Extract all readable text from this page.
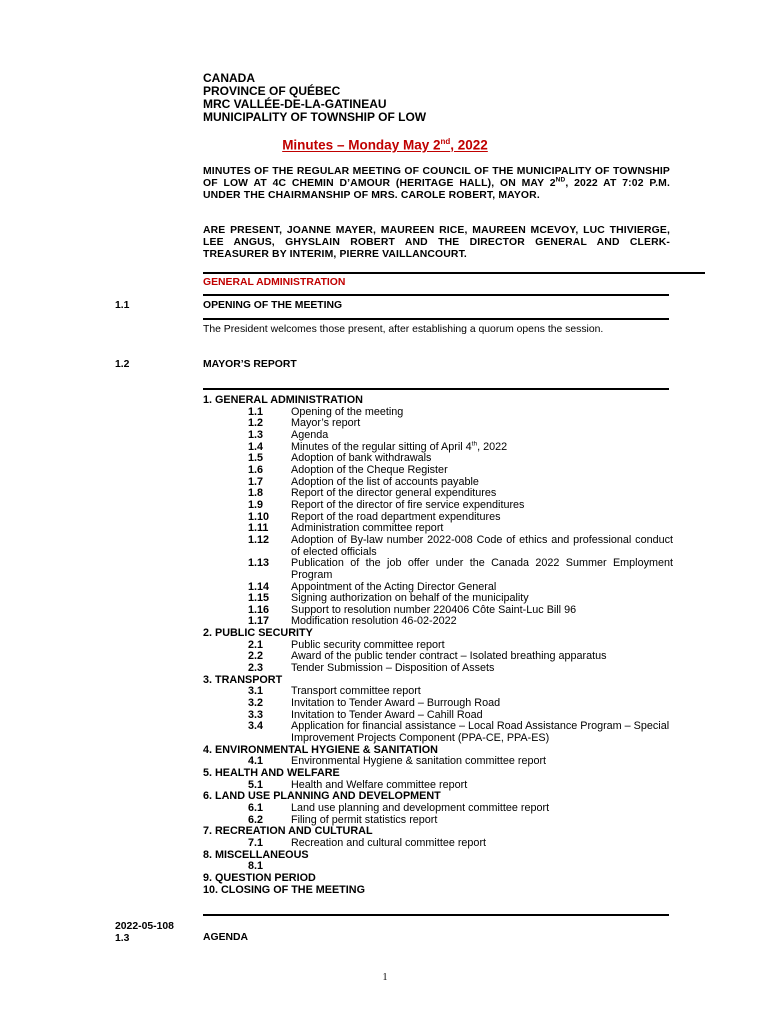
CANADA
PROVINCE OF QUÉBEC
MRC VALLÉE-DE-LA-GATINEAU
MUNICIPALITY OF TOWNSHIP OF LOW
Minutes – Monday May 2nd, 2022
MINUTES OF THE REGULAR MEETING OF COUNCIL OF THE MUNICIPALITY OF TOWNSHIP OF LOW AT 4C CHEMIN D’AMOUR (HERITAGE HALL), ON MAY 2ND, 2022 AT 7:02 P.M. UNDER THE CHAIRMANSHIP OF MRS. CAROLE ROBERT, MAYOR.
ARE PRESENT, JOANNE MAYER, MAUREEN RICE, MAUREEN MCEVOY, LUC THIVIERGE, LEE ANGUS, GHYSLAIN ROBERT AND THE DIRECTOR GENERAL AND CLERK-TREASURER BY INTERIM, PIERRE VAILLANCOURT.
GENERAL ADMINISTRATION
1.1	OPENING OF THE MEETING
The President welcomes those present, after establishing a quorum opens the session.
1.2	MAYOR’S REPORT
1. GENERAL ADMINISTRATION
1.1	Opening of the meeting
1.2	Mayor’s report
1.3	Agenda
1.4	Minutes of the regular sitting of April 4th, 2022
1.5	Adoption of bank withdrawals
1.6	Adoption of the Cheque Register
1.7	Adoption of the list of accounts payable
1.8	Report of the director general expenditures
1.9	Report of the director of fire service expenditures
1.10 Report of the road department expenditures
1.11 Administration committee report
1.12 Adoption of By-law number 2022-008 Code of ethics and professional conduct of elected officials
1.13 Publication of the job offer under the Canada 2022 Summer Employment Program
1.14 Appointment of the Acting Director General
1.15 Signing authorization on behalf of the municipality
1.16 Support to resolution number 220406 Côte Saint-Luc Bill 96
1.17 Modification resolution 46-02-2022
2. PUBLIC SECURITY
2.1	Public security committee report
2.2	Award of the public tender contract – Isolated breathing apparatus
2.3	Tender Submission – Disposition of Assets
3. TRANSPORT
3.1	Transport committee report
3.2	Invitation to Tender Award – Burrough Road
3.3	Invitation to Tender Award – Cahill Road
3.4	Application for financial assistance – Local Road Assistance Program – Special Improvement Projects Component (PPA-CE, PPA-ES)
4. ENVIRONMENTAL HYGIENE & SANITATION
4.1	Environmental Hygiene & sanitation committee report
5. HEALTH AND WELFARE
5.1	Health and Welfare committee report
6. LAND USE PLANNING AND DEVELOPMENT
6.1	Land use planning and development committee report
6.2	Filing of permit statistics report
7. RECREATION AND CULTURAL
7.1	Recreation and cultural committee report
8. MISCELLANEOUS
8.1

9. QUESTION PERIOD
10. CLOSING OF THE MEETING
2022-05-108
1.3	AGENDA
1
